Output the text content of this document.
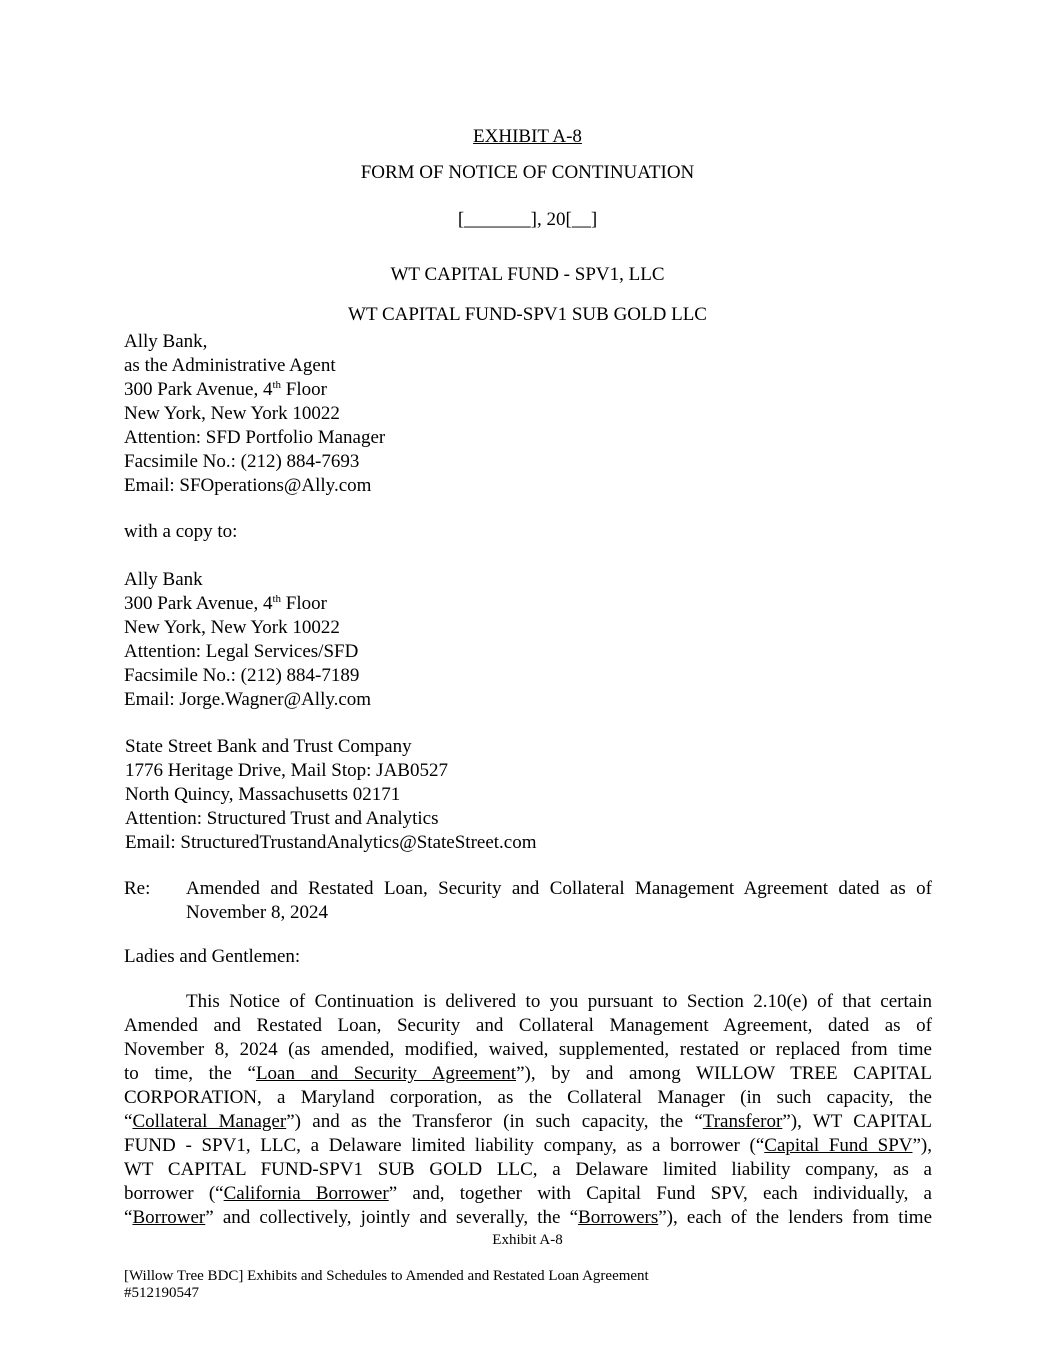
EXHIBIT A-8
FORM OF NOTICE OF CONTINUATION
[_______], 20[__]
WT CAPITAL FUND - SPV1, LLC
WT CAPITAL FUND-SPV1 SUB GOLD LLC
Ally Bank,
as the Administrative Agent
300 Park Avenue, 4th Floor
New York, New York 10022
Attention: SFD Portfolio Manager
Facsimile No.: (212) 884-7693
Email: SFOperations@Ally.com
with a copy to:
Ally Bank
300 Park Avenue, 4th Floor
New York, New York 10022
Attention: Legal Services/SFD
Facsimile No.: (212) 884-7189
Email: Jorge.Wagner@Ally.com
State Street Bank and Trust Company
1776 Heritage Drive, Mail Stop: JAB0527
North Quincy, Massachusetts 02171
Attention: Structured Trust and Analytics
Email: StructuredTrustandAnalytics@StateStreet.com
Re: Amended and Restated Loan, Security and Collateral Management Agreement dated as of November 8, 2024
Ladies and Gentlemen:
This Notice of Continuation is delivered to you pursuant to Section 2.10(e) of that certain
Amended and Restated Loan, Security and Collateral Management Agreement, dated as of
November 8, 2024 (as amended, modified, waived, supplemented, restated or replaced from time
to time, the “Loan and Security Agreement”), by and among WILLOW TREE CAPITAL
CORPORATION, a Maryland corporation, as the Collateral Manager (in such capacity, the
“Collateral Manager”) and as the Transferor (in such capacity, the “Transferor”), WT CAPITAL
FUND - SPV1, LLC, a Delaware limited liability company, as a borrower (“Capital Fund SPV”),
WT CAPITAL FUND-SPV1 SUB GOLD LLC, a Delaware limited liability company, as a
borrower (“California Borrower” and, together with Capital Fund SPV, each individually, a
“Borrower” and collectively, jointly and severally, the “Borrowers”), each of the lenders from time
Exhibit A-8
[Willow Tree BDC] Exhibits and Schedules to Amended and Restated Loan Agreement
#512190547
